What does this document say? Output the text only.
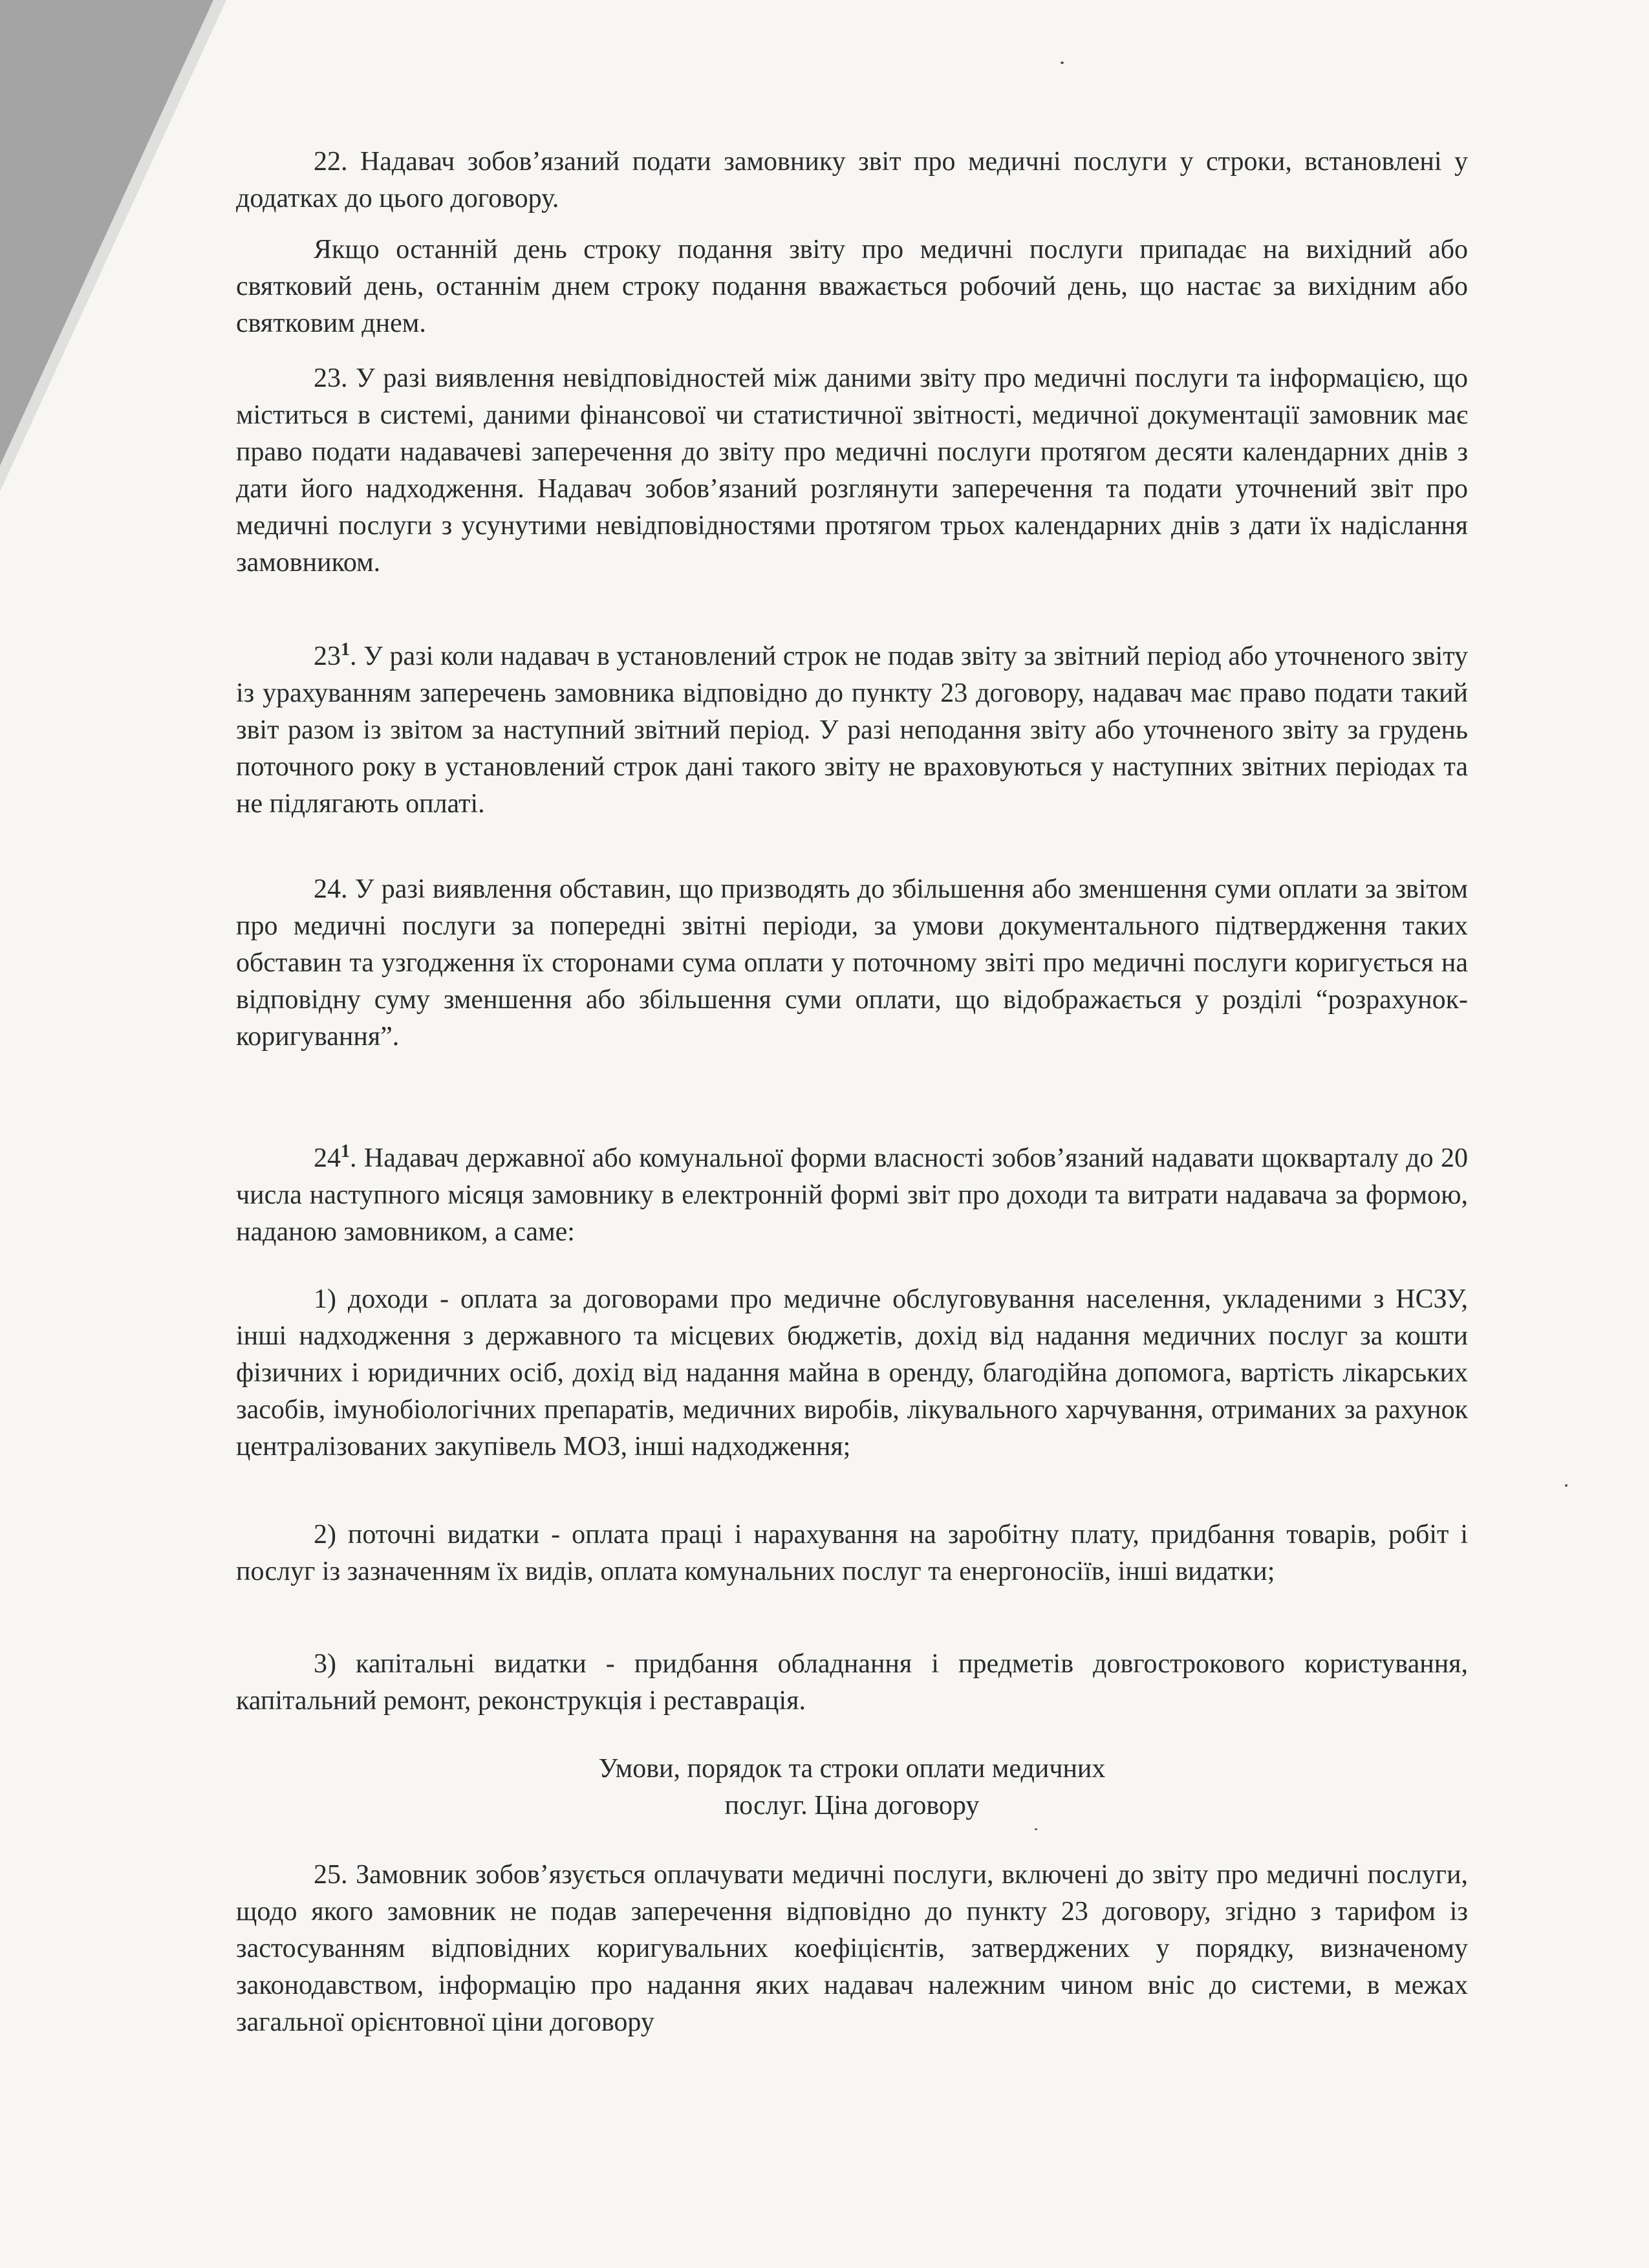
22. Надавач зобов’язаний подати замовнику звіт про медичні послуги у строки, встановлені у додатках до цього договору.

Якщо останній день строку подання звіту про медичні послуги припадає на вихідний або святковий день, останнім днем строку подання вважається робочий день, що настає за вихідним або святковим днем.

23. У разі виявлення невідповідностей між даними звіту про медичні послуги та інформацією, що міститься в системі, даними фінансової чи статистичної звітності, медичної документації замовник має право подати надавачеві заперечення до звіту про медичні послуги протягом десяти календарних днів з дати його надходження. Надавач зобов’язаний розглянути заперечення та подати уточнений звіт про медичні послуги з усунутими невідповідностями протягом трьох календарних днів з дати їх надіслання замовником.

$23^1$. У разі коли надавач в установлений строк не подав звіту за звітний період або уточненого звіту із урахуванням заперечень замовника відповідно до пункту 23 договору, надавач має право подати такий звіт разом із звітом за наступний звітний період. У разі неподання звіту або уточненого звіту за грудень поточного року в установлений строк дані такого звіту не враховуються у наступних звітних періодах та не підлягають оплаті.

24. У разі виявлення обставин, що призводять до збільшення або зменшення суми оплати за звітом про медичні послуги за попередні звітні періоди, за умови документального підтвердження таких обставин та узгодження їх сторонами сума оплати у поточному звіті про медичні послуги коригується на відповідну суму зменшення або збільшення суми оплати, що відображається у розділі “розрахунок-коригування”.

$24^1$. Надавач державної або комунальної форми власності зобов’язаний надавати щокварталу до 20 числа наступного місяця замовнику в електронній формі звіт про доходи та витрати надавача за формою, наданою замовником, а саме:

1) доходи - оплата за договорами про медичне обслуговування населення, укладеними з НСЗУ, інші надходження з державного та місцевих бюджетів, дохід від надання медичних послуг за кошти фізичних і юридичних осіб, дохід від надання майна в оренду, благодійна допомога, вартість лікарських засобів, імунобіологічних препаратів, медичних виробів, лікувального харчування, отриманих за рахунок централізованих закупівель МОЗ, інші надходження;

2) поточні видатки - оплата праці і нарахування на заробітну плату, придбання товарів, робіт і послуг із зазначенням їх видів, оплата комунальних послуг та енергоносіїв, інші видатки;

3) капітальні видатки - придбання обладнання і предметів довгострокового користування, капітальний ремонт, реконструкція і реставрація.

Умови, порядок та строки оплати медичних
послуг. Ціна договору

25. Замовник зобов’язується оплачувати медичні послуги, включені до звіту про медичні послуги, щодо якого замовник не подав заперечення відповідно до пункту 23 договору, згідно з тарифом із застосуванням відповідних коригувальних коефіцієнтів, затверджених у порядку, визначеному законодавством, інформацію про надання яких надавач належним чином вніс до системи, в межах загальної орієнтовної ціни договору
